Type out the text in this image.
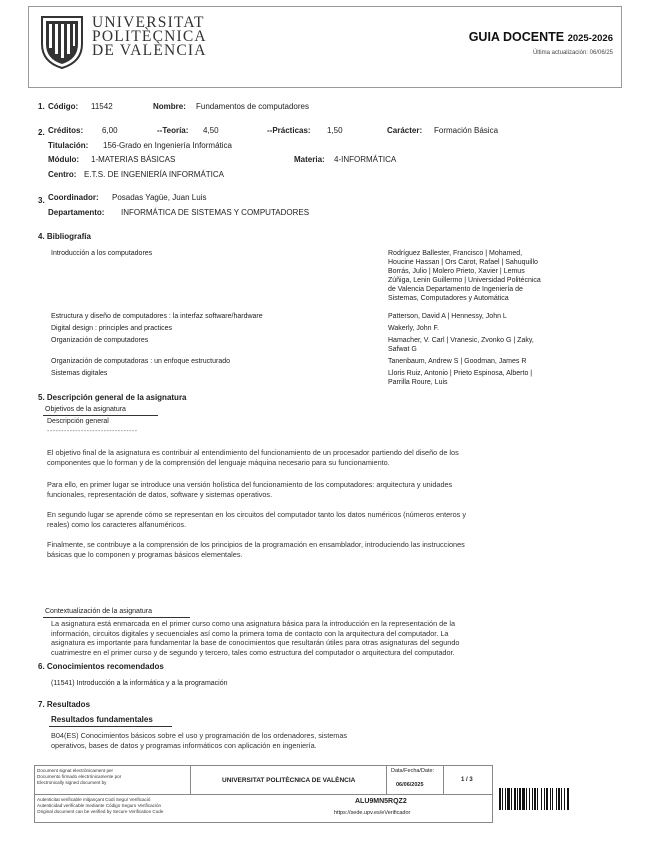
UNIVERSITAT
POLITÈCNICA
DE VALÈNCIA
GUIA DOCENTE 2025-2026
Última actualización: 06/06/25
1. Código: 11542	Nombre: Fundamentos de computadores
2. Créditos: 6,00	--Teoría: 4,50	--Prácticas: 1,50	Carácter: Formación Básica
Titulación: 156-Grado en Ingeniería Informática
Módulo: 1-MATERIAS BÁSICAS	Materia: 4-INFORMÁTICA
Centro: E.T.S. DE INGENIERÍA INFORMÁTICA
3. Coordinador: Posadas Yagüe, Juan Luis
Departamento: INFORMÁTICA DE SISTEMAS Y COMPUTADORES
4. Bibliografía
Introducción a los computadores	Rodríguez Ballester, Francisco | Mohamed,
Houcine Hassan | Ors Carot, Rafael | Sahuquillo
Borrás, Julio | Molero Prieto, Xavier | Lemus
Zúñiga, Lenin Guillermo | Universidad Politécnica
de Valencia Departamento de Ingeniería de
Sistemas, Computadores y Automática
Estructura y diseño de computadores : la interfaz software/hardware	Patterson, David A | Hennessy, John L
Digital design : principles and practices	Wakerly, John F.
Organización de computadores	Hamacher, V. Carl | Vranesic, Zvonko G | Zaky,
Safwat G
Organización de computadoras : un enfoque estructurado	Tanenbaum, Andrew S | Goodman, James R
Sistemas digitales	Lloris Ruiz, Antonio | Prieto Espinosa, Alberto |
Parrilla Roure, Luis
5. Descripción general de la asignatura
Objetivos de la asignatura
Descripción general
--------------------------------
El objetivo final de la asignatura es contribuir al entendimiento del funcionamiento de un procesador partiendo del diseño de los
componentes que lo forman y de la comprensión del lenguaje máquina necesario para su funcionamiento.
Para ello, en primer lugar se introduce una versión holística del funcionamiento de los computadores: arquitectura y unidades
funcionales, representación de datos, software y sistemas operativos.
En segundo lugar se aprende cómo se representan en los circuitos del computador tanto los datos numéricos (números enteros y
reales) como los caracteres alfanuméricos.
Finalmente, se contribuye a la comprensión de los principios de la programación en ensamblador, introduciendo las instrucciones
básicas que lo componen y programas básicos elementales.
Contextualización de la asignatura
La asignatura está enmarcada en el primer curso como una asignatura básica para la introducción en la representación de la
información, circuitos digitales y secuenciales así como la primera toma de contacto con la arquitectura del computador. La
asignatura es importante para fundamentar la base de conocimientos que resultarán útiles para otras asignaturas del segundo
cuatrimestre en el primer curso y de segundo y tercero, tales como estructura del computador o arquitectura del computador.
6. Conocimientos recomendados
(11541) Introducción a la informática y a la programación
7. Resultados
Resultados fundamentales
B04(ES) Conocimientos básicos sobre el uso y programación de los ordenadores, sistemas
operativos, bases de datos y programas informáticos con aplicación en ingeniería.
Document signat electrònicament per
Documento firmado electrónicamente por
Electronically signed document by	UNIVERSITAT POLITÈCNICA DE VALÈNCIA
Data/Fecha/Date:
06/06/2025
1 / 3
Autenticitat verificable mitjançant Codi Segur Verificació
Autenticidad verificable mediante Código Seguro Verificación
Original document can be verified by Secure Verification Code
ALU9MN5RQZ2
https://sede.upv.es/eVerificador
